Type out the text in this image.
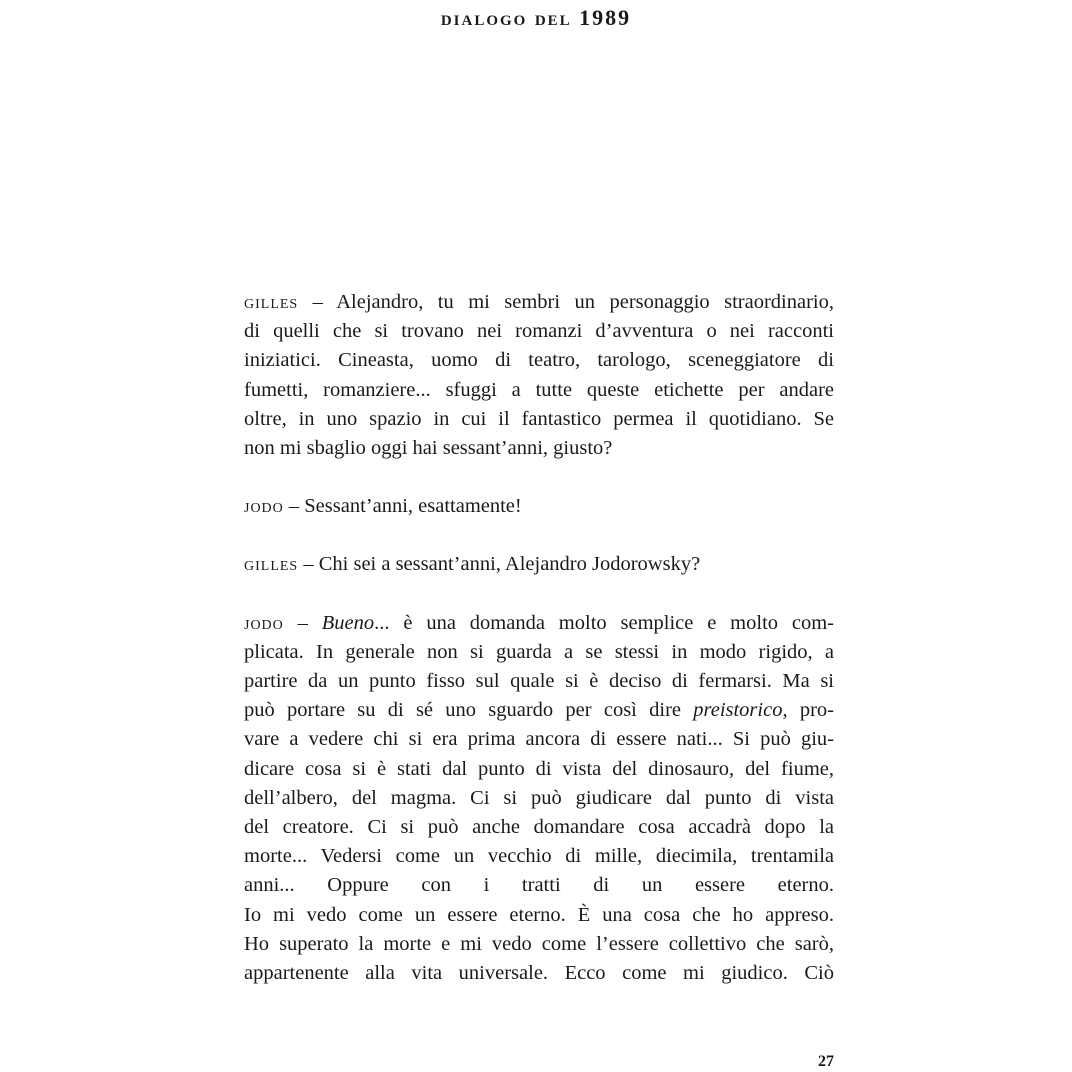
dialogo del 1989
gilles – Alejandro, tu mi sembri un personaggio straordinario,
di quelli che si trovano nei romanzi d’avventura o nei racconti
iniziatici. Cineasta, uomo di teatro, tarologo, sceneggiatore di
fumetti, romanziere... sfuggi a tutte queste etichette per andare
oltre, in uno spazio in cui il fantastico permea il quotidiano. Se
non mi sbaglio oggi hai sessant’anni, giusto?
jodo – Sessant’anni, esattamente!
gilles – Chi sei a sessant’anni, Alejandro Jodorowsky?
jodo – Bueno... è una domanda molto semplice e molto com-
plicata. In generale non si guarda a se stessi in modo rigido, a
partire da un punto fisso sul quale si è deciso di fermarsi. Ma si
può portare su di sé uno sguardo per così dire preistorico, pro-
vare a vedere chi si era prima ancora di essere nati... Si può giu-
dicare cosa si è stati dal punto di vista del dinosauro, del fiume,
dell’albero, del magma. Ci si può giudicare dal punto di vista
del creatore. Ci si può anche domandare cosa accadrà dopo la
morte... Vedersi come un vecchio di mille, diecimila, trentamila
anni... Oppure con i tratti di un essere eterno.
Io mi vedo come un essere eterno. È una cosa che ho appreso.
Ho superato la morte e mi vedo come l’essere collettivo che sarò,
appartenente alla vita universale. Ecco come mi giudico. Ciò
27
